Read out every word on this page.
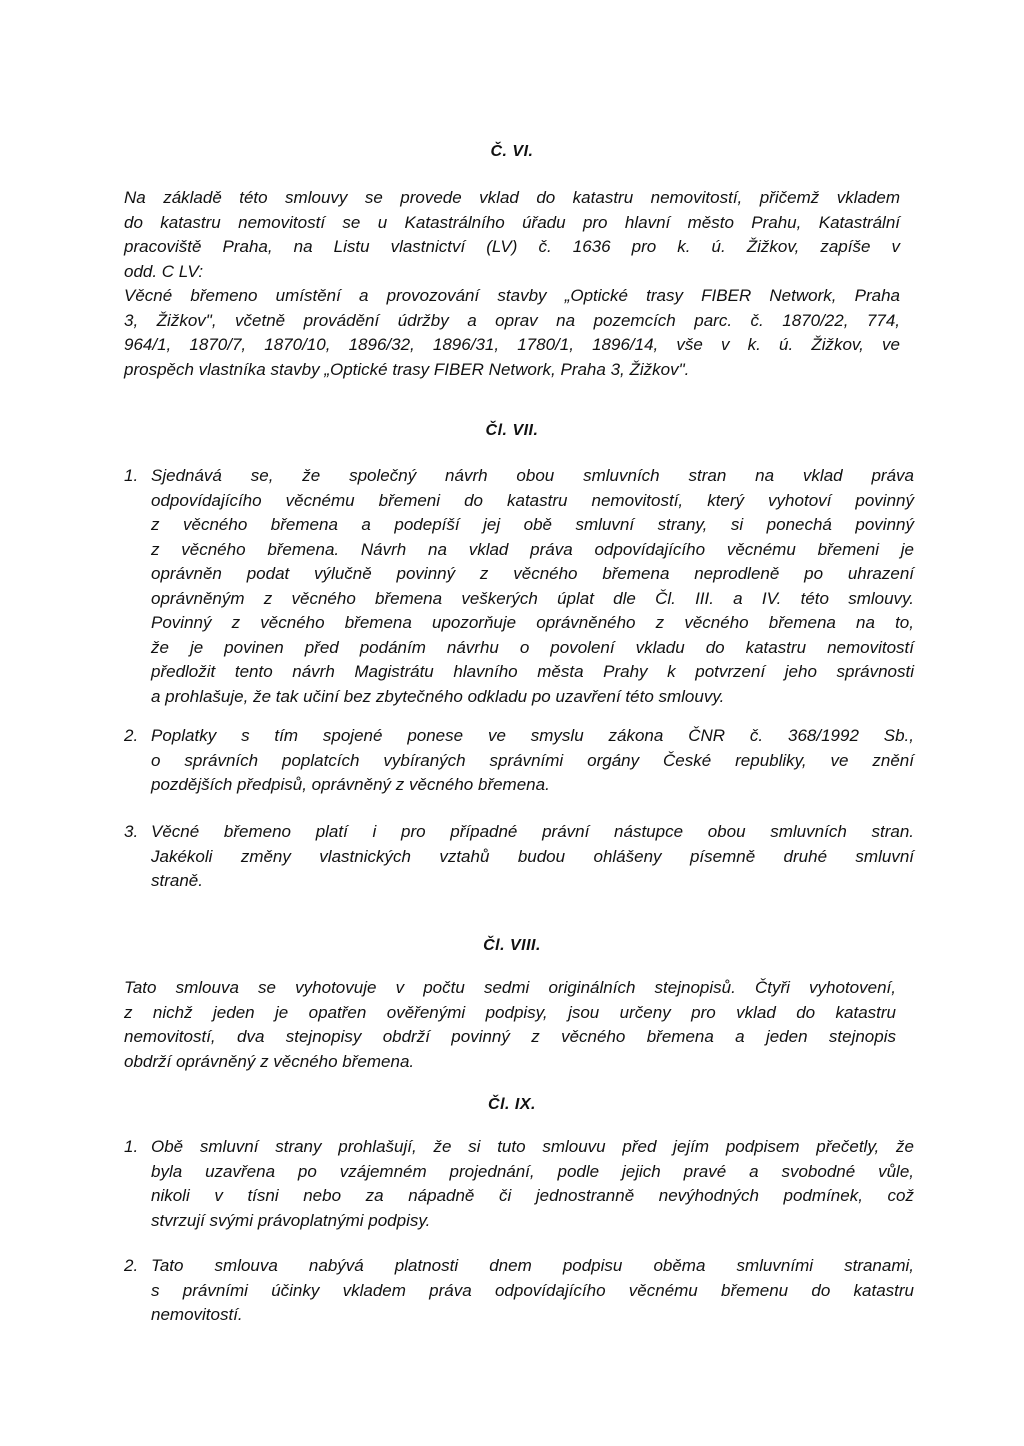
Č. VI.
Na základě této smlouvy se provede vklad do katastru nemovitostí, přičemž vkladem
do katastru nemovitostí se u Katastrálního úřadu pro hlavní město Prahu, Katastrální
pracoviště Praha, na Listu vlastnictví (LV) č. 1636 pro k. ú. Žižkov, zapíše v
odd. C LV:
Věcné břemeno umístění a provozování stavby „Optické trasy FIBER Network, Praha
3, Žižkov", včetně provádění údržby a oprav na pozemcích parc. č. 1870/22, 774,
964/1, 1870/7, 1870/10, 1896/32, 1896/31, 1780/1, 1896/14, vše v k. ú. Žižkov, ve
prospěch vlastníka stavby „Optické trasy FIBER Network, Praha 3, Žižkov".
Čl. VII.
1. Sjednává se, že společný návrh obou smluvních stran na vklad práva
odpovídajícího věcnému břemeni do katastru nemovitostí, který vyhotoví povinný
z věcného břemena a podepíší jej obě smluvní strany, si ponechá povinný
z věcného břemena. Návrh na vklad práva odpovídajícího věcnému břemeni je
oprávněn podat výlučně povinný z věcného břemena neprodleně po uhrazení
oprávněným z věcného břemena veškerých úplat dle Čl. III. a IV. této smlouvy.
Povinný z věcného břemena upozorňuje oprávněného z věcného břemena na to,
že je povinen před podáním návrhu o povolení vkladu do katastru nemovitostí
předložit tento návrh Magistrátu hlavního města Prahy k potvrzení jeho správnosti
a prohlašuje, že tak učiní bez zbytečného odkladu po uzavření této smlouvy.
2. Poplatky s tím spojené ponese ve smyslu zákona ČNR č. 368/1992 Sb.,
o správních poplatcích vybíraných správními orgány České republiky, ve znění
pozdějších předpisů, oprávněný z věcného břemena.
3. Věcné břemeno platí i pro případné právní nástupce obou smluvních stran.
Jakékoli změny vlastnických vztahů budou ohlášeny písemně druhé smluvní
straně.
Čl. VIII.
Tato smlouva se vyhotovuje v počtu sedmi originálních stejnopisů. Čtyři vyhotovení,
z nichž jeden je opatřen ověřenými podpisy, jsou určeny pro vklad do katastru
nemovitostí, dva stejnopisy obdrží povinný z věcného břemena a jeden stejnopis
obdrží oprávněný z věcného břemena.
Čl. IX.
1. Obě smluvní strany prohlašují, že si tuto smlouvu před jejím podpisem přečetly, že
byla uzavřena po vzájemném projednání, podle jejich pravé a svobodné vůle,
nikoli v tísni nebo za nápadně či jednostranně nevýhodných podmínek, což
stvrzují svými právoplatnými podpisy.
2. Tato smlouva nabývá platnosti dnem podpisu oběma smluvními stranami,
s právními účinky vkladem práva odpovídajícího věcnému břemenu do katastru
nemovitostí.
